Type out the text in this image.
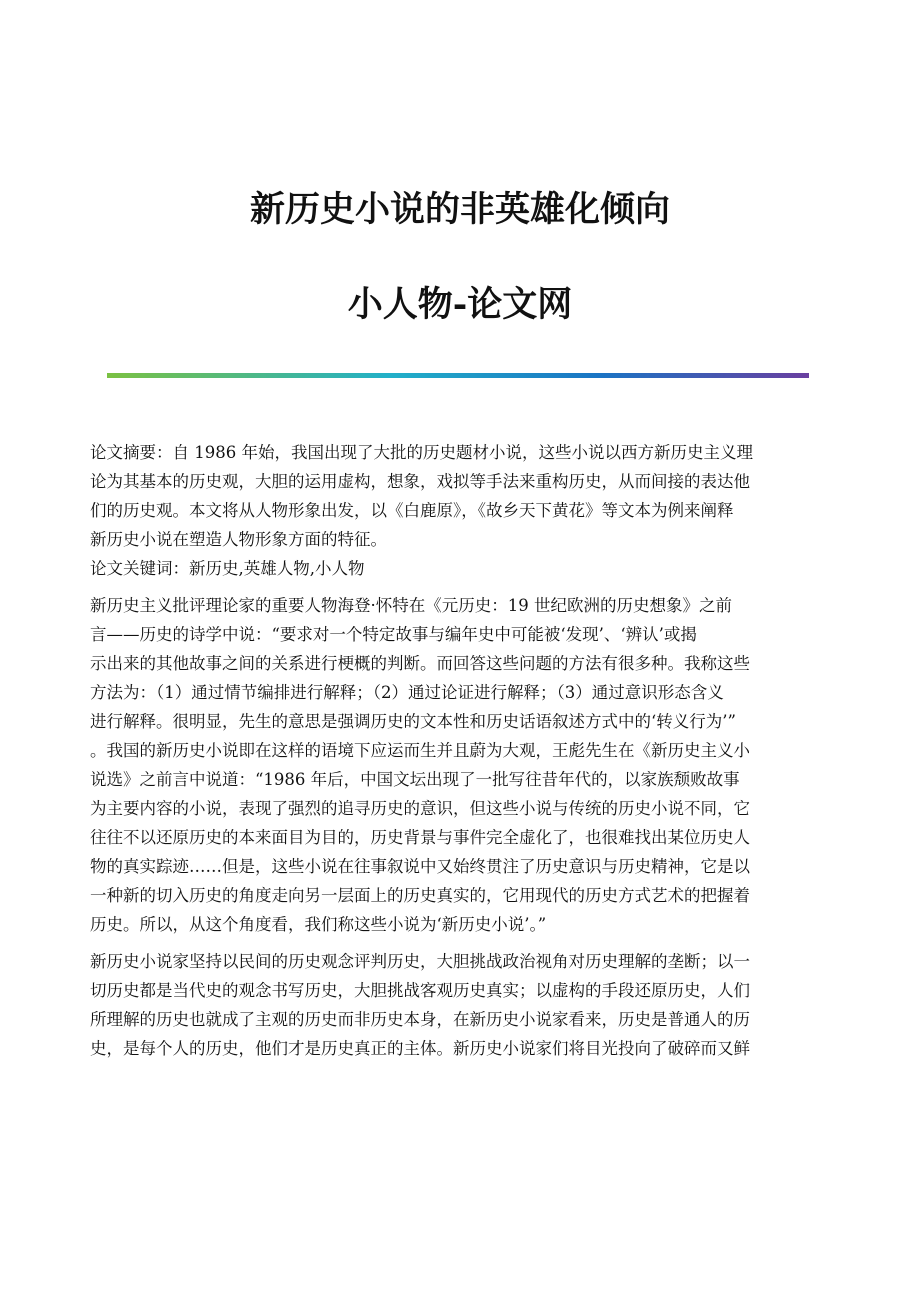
新历史小说的非英雄化倾向
小人物-论文网

论文摘要：自 1986 年始，我国出现了大批的历史题材小说，这些小说以西方新历史主义理
论为其基本的历史观，大胆的运用虚构，想象，戏拟等手法来重构历史，从而间接的表达他
们的历史观。本文将从人物形象出发，以《白鹿原》，《故乡天下黄花》等文本为例来阐释
新历史小说在塑造人物形象方面的特征。

论文关键词：新历史,英雄人物,小人物

新历史主义批评理论家的重要人物海登·怀特在《元历史：19 世纪欧洲的历史想象》之前
言——历史的诗学中说：“要求对一个特定故事与编年史中可能被‘发现’、‘辨认’或揭
示出来的其他故事之间的关系进行梗概的判断。而回答这些问题的方法有很多种。我称这些
方法为：（1）通过情节编排进行解释；（2）通过论证进行解释；（3）通过意识形态含义
进行解释。很明显，先生的意思是强调历史的文本性和历史话语叙述方式中的‘转义行为’”
。我国的新历史小说即在这样的语境下应运而生并且蔚为大观，王彪先生在《新历史主义小
说选》之前言中说道：“1986 年后，中国文坛出现了一批写往昔年代的，以家族颓败故事
为主要内容的小说，表现了强烈的追寻历史的意识，但这些小说与传统的历史小说不同，它
往往不以还原历史的本来面目为目的，历史背景与事件完全虚化了，也很难找出某位历史人
物的真实踪迹……但是，这些小说在往事叙说中又始终贯注了历史意识与历史精神，它是以
一种新的切入历史的角度走向另一层面上的历史真实的，它用现代的历史方式艺术的把握着
历史。所以，从这个角度看，我们称这些小说为‘新历史小说’。”

新历史小说家坚持以民间的历史观念评判历史，大胆挑战政治视角对历史理解的垄断；以一
切历史都是当代史的观念书写历史，大胆挑战客观历史真实；以虚构的手段还原历史，人们
所理解的历史也就成了主观的历史而非历史本身，在新历史小说家看来，历史是普通人的历
史，是每个人的历史，他们才是历史真正的主体。新历史小说家们将目光投向了破碎而又鲜
